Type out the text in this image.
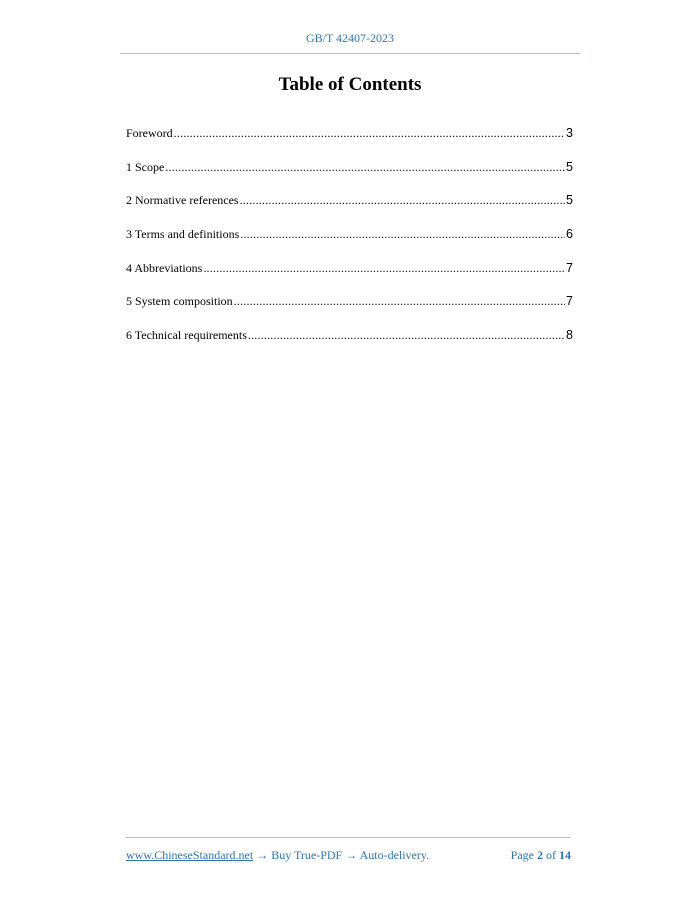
GB/T 42407-2023
Table of Contents
Foreword .....	3
1 Scope .....	5
2 Normative references .....	5
3 Terms and definitions .....	6
4 Abbreviations .....	7
5 System composition .....	7
6 Technical requirements .....	8
www.ChineseStandard.net → Buy True-PDF → Auto-delivery.	Page 2 of 14
